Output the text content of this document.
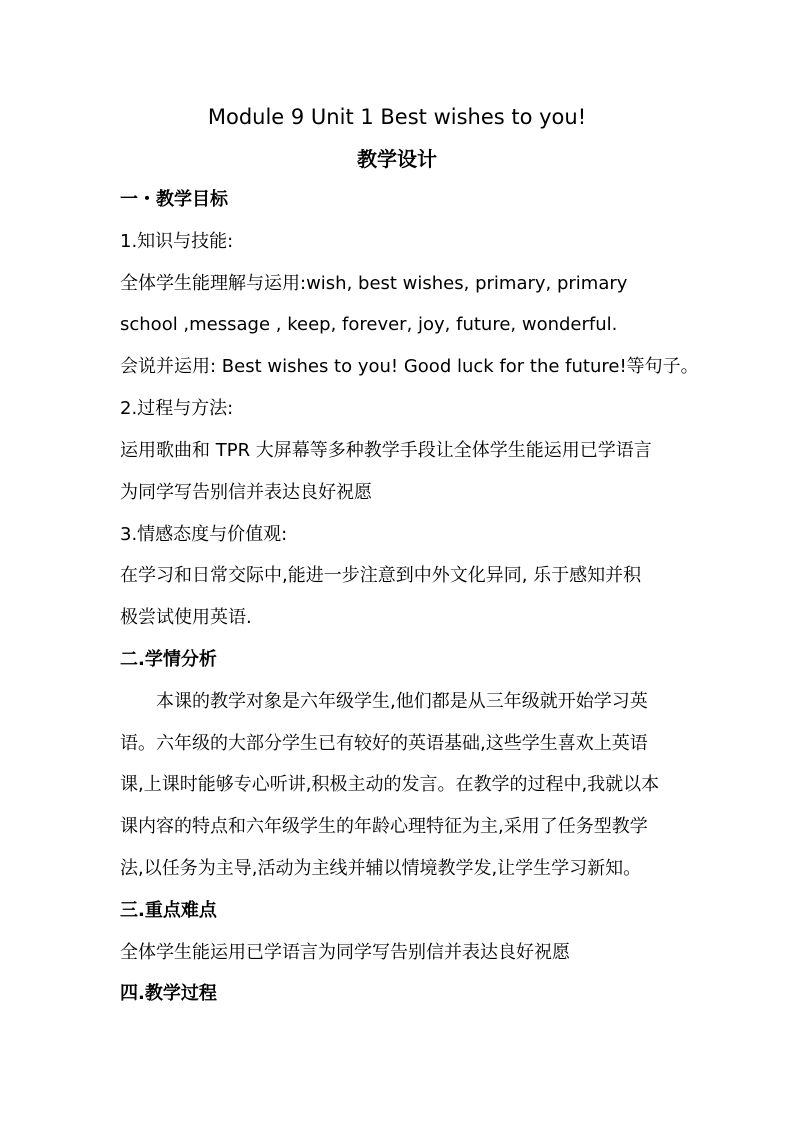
Module 9 Unit 1 Best wishes to you!
教学设计
一・教学目标
1.知识与技能:
全体学生能理解与运用:wish, best wishes, primary, primary
school ,message , keep, forever, joy, future, wonderful.
会说并运用: Best wishes to you! Good luck for the future!等句子。
2.过程与方法:
运用歌曲和 TPR 大屏幕等多种教学手段让全体学生能运用已学语言
为同学写告别信并表达良好祝愿
3.情感态度与价值观:
在学习和日常交际中,能进一步注意到中外文化异同, 乐于感知并积
极尝试使用英语.
二.学情分析
本课的教学对象是六年级学生,他们都是从三年级就开始学习英
语。六年级的大部分学生已有较好的英语基础,这些学生喜欢上英语
课,上课时能够专心听讲,积极主动的发言。在教学的过程中,我就以本
课内容的特点和六年级学生的年龄心理特征为主,采用了任务型教学
法,以任务为主导,活动为主线并辅以情境教学发,让学生学习新知。
三.重点难点
全体学生能运用已学语言为同学写告别信并表达良好祝愿
四.教学过程
